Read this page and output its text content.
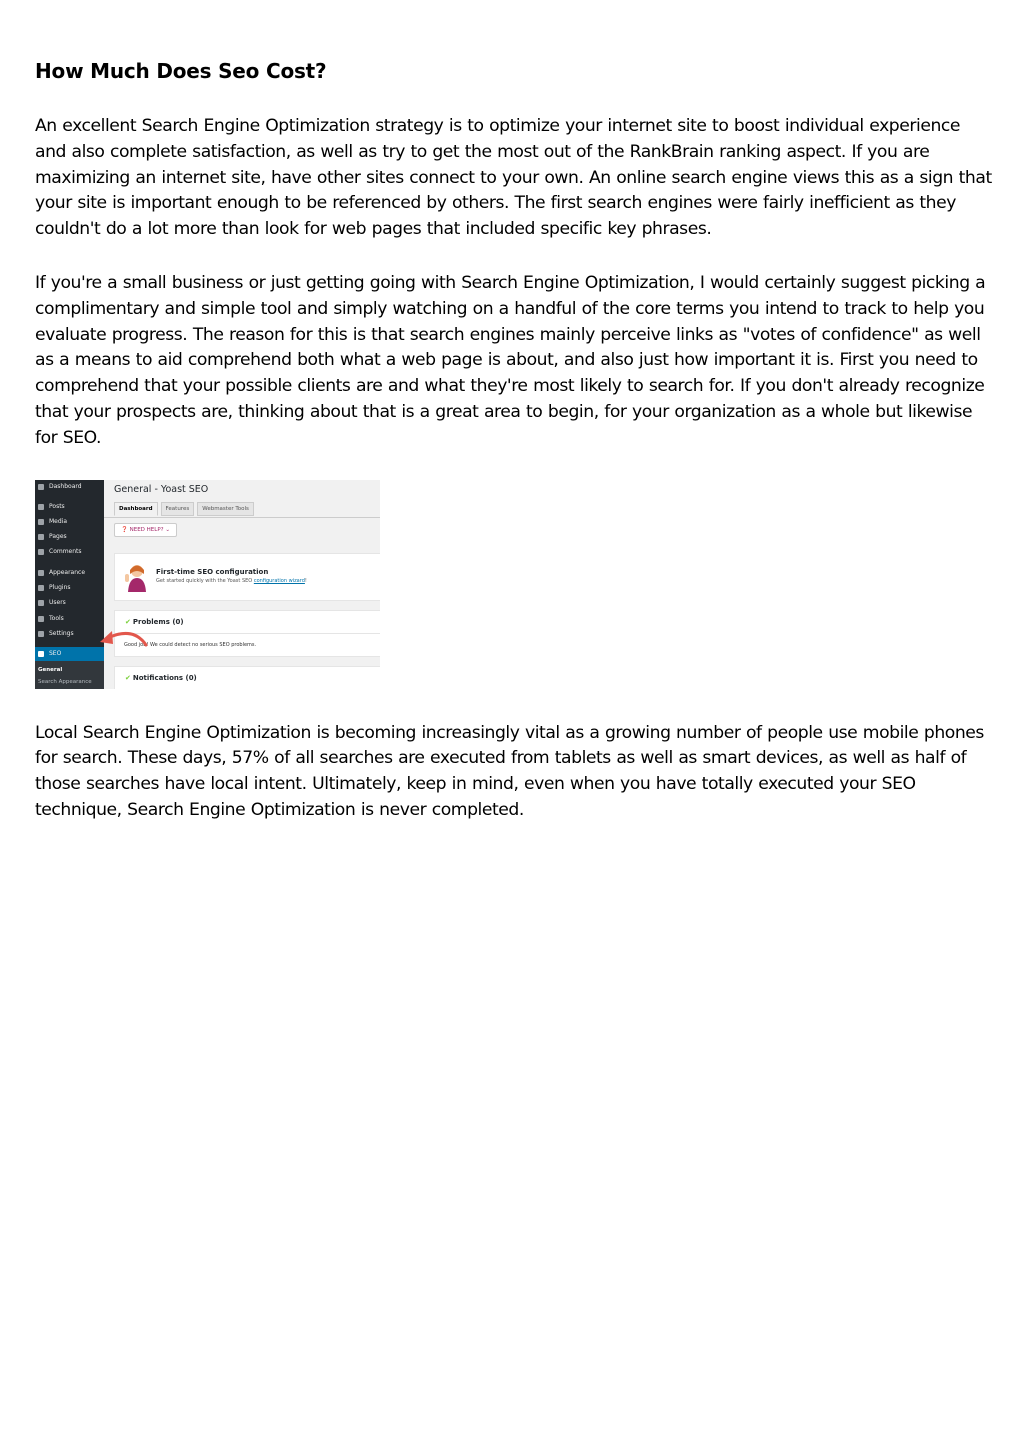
How Much Does Seo Cost?

An excellent Search Engine Optimization strategy is to optimize your internet site to boost individual experience and also complete satisfaction, as well as try to get the most out of the RankBrain ranking aspect. If you are maximizing an internet site, have other sites connect to your own. An online search engine views this as a sign that your site is important enough to be referenced by others. The first search engines were fairly inefficient as they couldn't do a lot more than look for web pages that included specific key phrases.

If you're a small business or just getting going with Search Engine Optimization, I would certainly suggest picking a complimentary and simple tool and simply watching on a handful of the core terms you intend to track to help you evaluate progress. The reason for this is that search engines mainly perceive links as "votes of confidence" as well as a means to aid comprehend both what a web page is about, and also just how important it is. First you need to comprehend that your possible clients are and what they're most likely to search for. If you don't already recognize that your prospects are, thinking about that is a great area to begin, for your organization as a whole but likewise for SEO.

Dashboard
Posts
Media
Pages
Comments
Appearance
Plugins
Users
Tools
Settings
SEO
General
Search Appearance
General - Yoast SEO
Dashboard	Features	Webmaster Tools
❓ NEED HELP? ⌄
First-time SEO configuration
Get started quickly with the Yoast SEO configuration wizard!
✔ Problems (0)
Good job! We could detect no serious SEO problems.
✔ Notifications (0)

Local Search Engine Optimization is becoming increasingly vital as a growing number of people use mobile phones for search. These days, 57% of all searches are executed from tablets as well as smart devices, as well as half of those searches have local intent. Ultimately, keep in mind, even when you have totally executed your SEO technique, Search Engine Optimization is never completed.
